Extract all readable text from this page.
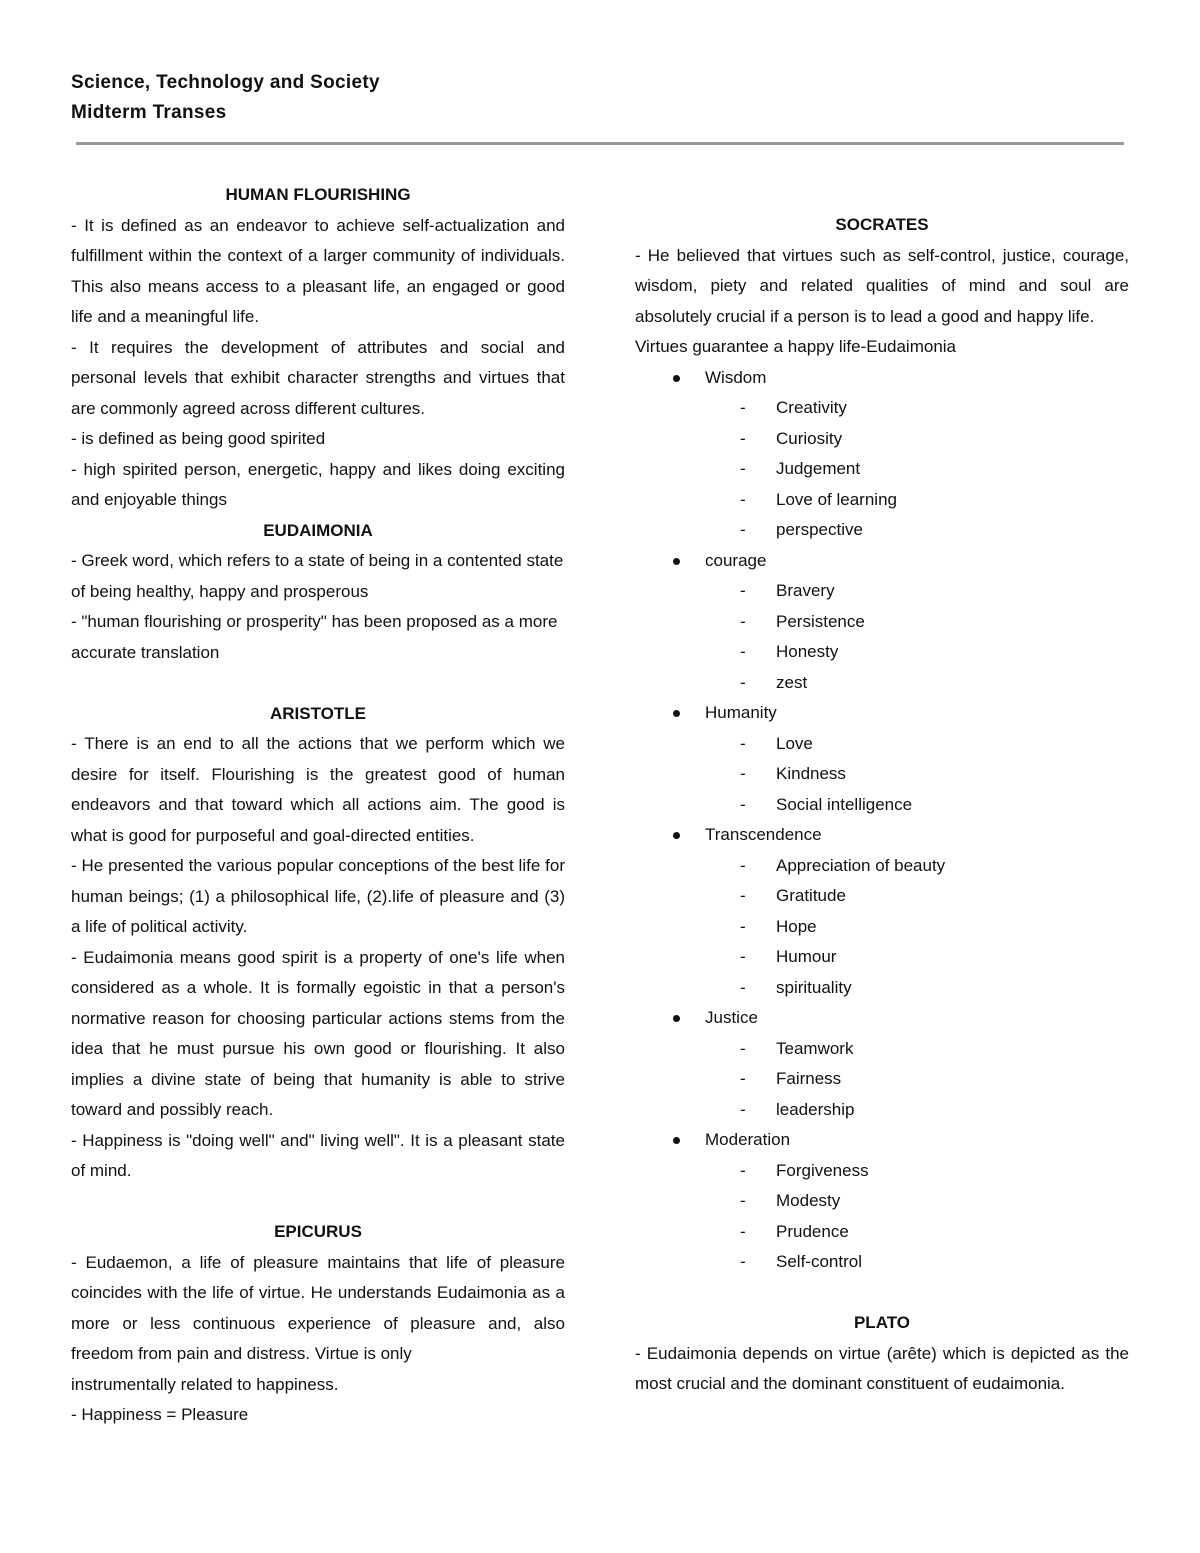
Science, Technology and Society
Midterm Transes
HUMAN FLOURISHING
- It is defined as an endeavor to achieve self-actualization and fulfillment within the context of a larger community of individuals. This also means access to a pleasant life, an engaged or good life and a meaningful life.
- It requires the development of attributes and social and personal levels that exhibit character strengths and virtues that are commonly agreed across different cultures.
- is defined as being good spirited
- high spirited person, energetic, happy and likes doing exciting and enjoyable things
EUDAIMONIA
- Greek word, which refers to a state of being in a contented state of being healthy, happy and prosperous
- "human flourishing or prosperity" has been proposed as a more accurate translation
ARISTOTLE
- There is an end to all the actions that we perform which we desire for itself. Flourishing is the greatest good of human endeavors and that toward which all actions aim. The good is what is good for purposeful and goal-directed entities.
- He presented the various popular conceptions of the best life for human beings; (1) a philosophical life, (2).life of pleasure and (3) a life of political activity.
- Eudaimonia means good spirit is a property of one's life when considered as a whole. It is formally egoistic in that a person's normative reason for choosing particular actions stems from the idea that he must pursue his own good or flourishing. It also implies a divine state of being that humanity is able to strive toward and possibly reach.
- Happiness is "doing well" and" living well". It is a pleasant state of mind.
EPICURUS
- Eudaemon, a life of pleasure maintains that life of pleasure coincides with the life of virtue. He understands Eudaimonia as a more or less continuous experience of pleasure and, also freedom from pain and distress. Virtue is only
instrumentally related to happiness.
- Happiness = Pleasure
SOCRATES
- He believed that virtues such as self-control, justice, courage, wisdom, piety and related qualities of mind and soul are absolutely crucial if a person is to lead a good and happy life.
Virtues guarantee a happy life-Eudaimonia
Wisdom
- Creativity
- Curiosity
- Judgement
- Love of learning
- perspective
courage
- Bravery
- Persistence
- Honesty
- zest
Humanity
- Love
- Kindness
- Social intelligence
Transcendence
- Appreciation of beauty
- Gratitude
- Hope
- Humour
- spirituality
Justice
- Teamwork
- Fairness
- leadership
Moderation
- Forgiveness
- Modesty
- Prudence
- Self-control
PLATO
- Eudaimonia depends on virtue (arête) which is depicted as the most crucial and the dominant constituent of eudaimonia.
